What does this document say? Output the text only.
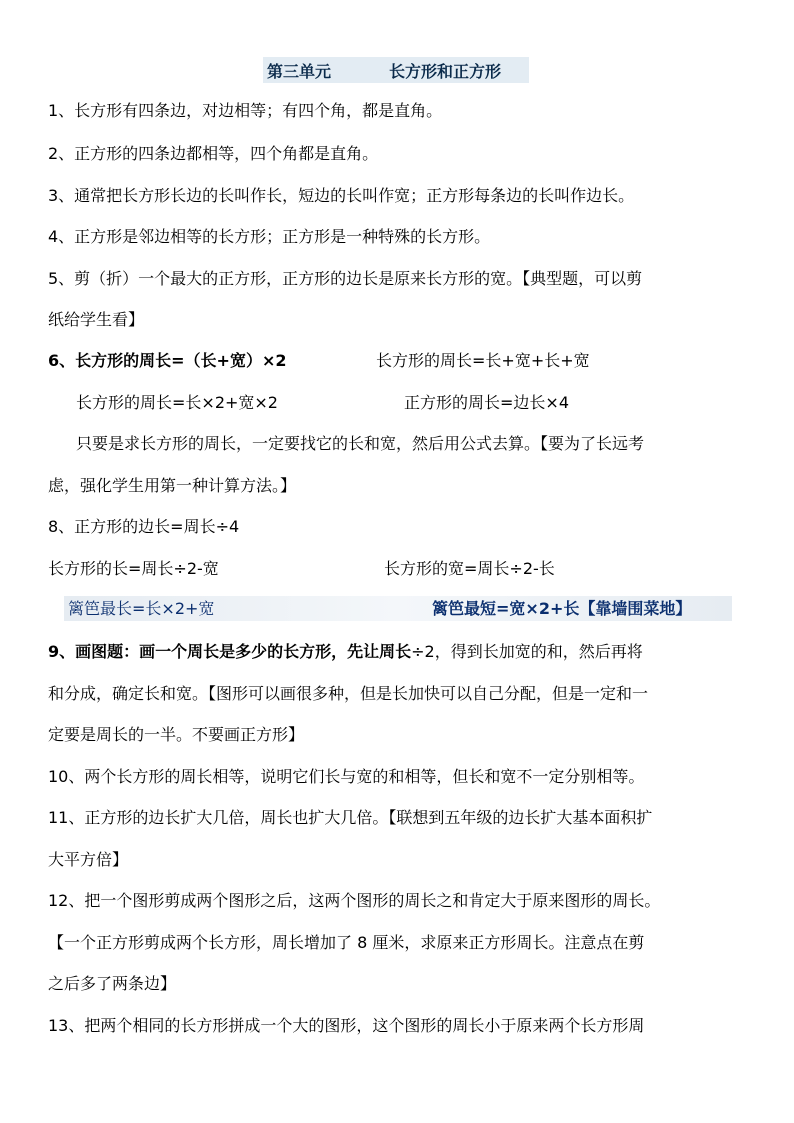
第三单元	长方形和正方形
1、长方形有四条边，对边相等；有四个角，都是直角。
2、正方形的四条边都相等，四个角都是直角。
3、通常把长方形长边的长叫作长，短边的长叫作宽；正方形每条边的长叫作边长。
4、正方形是邻边相等的长方形；正方形是一种特殊的长方形。
5、剪（折）一个最大的正方形，正方形的边长是原来长方形的宽。【典型题，可以剪
纸给学生看】
6、长方形的周长=（长+宽）×2	长方形的周长=长+宽+长+宽
长方形的周长=长×2+宽×2	正方形的周长=边长×4
只要是求长方形的周长，一定要找它的长和宽，然后用公式去算。【要为了长远考
虑，强化学生用第一种计算方法。】
8、正方形的边长=周长÷4
长方形的长=周长÷2-宽	长方形的宽=周长÷2-长
篱笆最长=长×2+宽	篱笆最短=宽×2+长【靠墙围菜地】
9、画图题：画一个周长是多少的长方形，先让周长÷2，得到长加宽的和，然后再将
和分成，确定长和宽。【图形可以画很多种，但是长加快可以自己分配，但是一定和一
定要是周长的一半。不要画正方形】
10、两个长方形的周长相等，说明它们长与宽的和相等，但长和宽不一定分别相等。
11、正方形的边长扩大几倍，周长也扩大几倍。【联想到五年级的边长扩大基本面积扩
大平方倍】
12、把一个图形剪成两个图形之后，这两个图形的周长之和肯定大于原来图形的周长。
【一个正方形剪成两个长方形，周长增加了 8 厘米，求原来正方形周长。注意点在剪
之后多了两条边】
13、把两个相同的长方形拼成一个大的图形，这个图形的周长小于原来两个长方形周
